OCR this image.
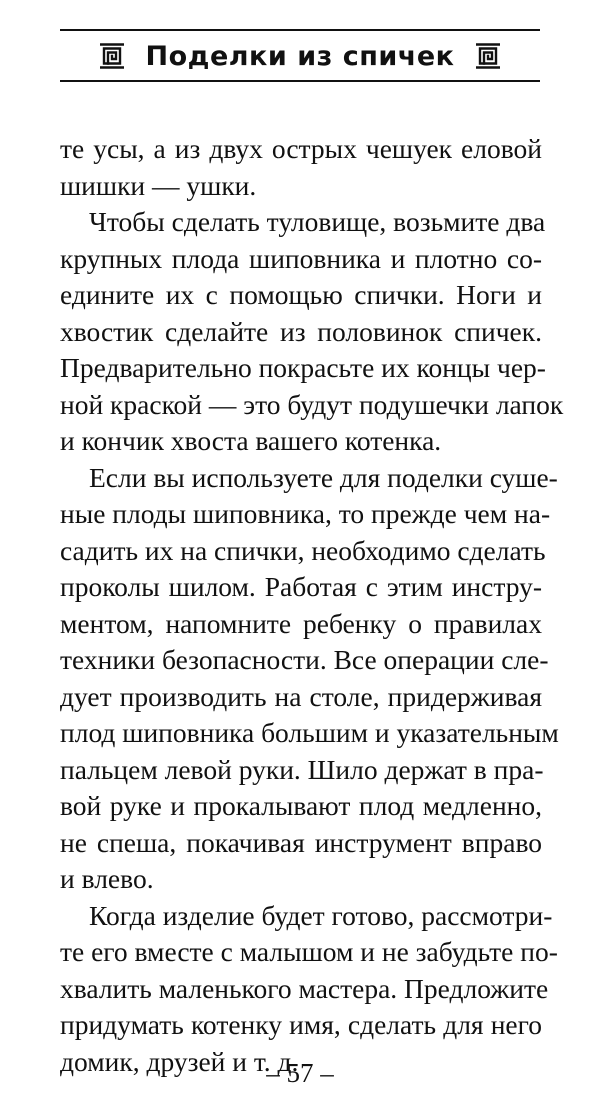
Поделки из спичек
те усы, а из двух острых чешуек еловой
шишки — ушки.
Чтобы сделать туловище, возьмите два
крупных плода шиповника и плотно со-
едините их с помощью спички. Ноги и
хвостик сделайте из половинок спичек.
Предварительно покрасьте их концы чер-
ной краской — это будут подушечки лапок
и кончик хвоста вашего котенка.
Если вы используете для поделки суше-
ные плоды шиповника, то прежде чем на-
садить их на спички, необходимо сделать
проколы шилом. Работая с этим инстру-
ментом, напомните ребенку о правилах
техники безопасности. Все операции сле-
дует производить на столе, придерживая
плод шиповника большим и указательным
пальцем левой руки. Шило держат в пра-
вой руке и прокалывают плод медленно,
не спеша, покачивая инструмент вправо
и влево.
Когда изделие будет готово, рассмотри-
те его вместе с малышом и не забудьте по-
хвалить маленького мастера. Предложите
придумать котенку имя, сделать для него
домик, друзей и т. д.
– 57 –
